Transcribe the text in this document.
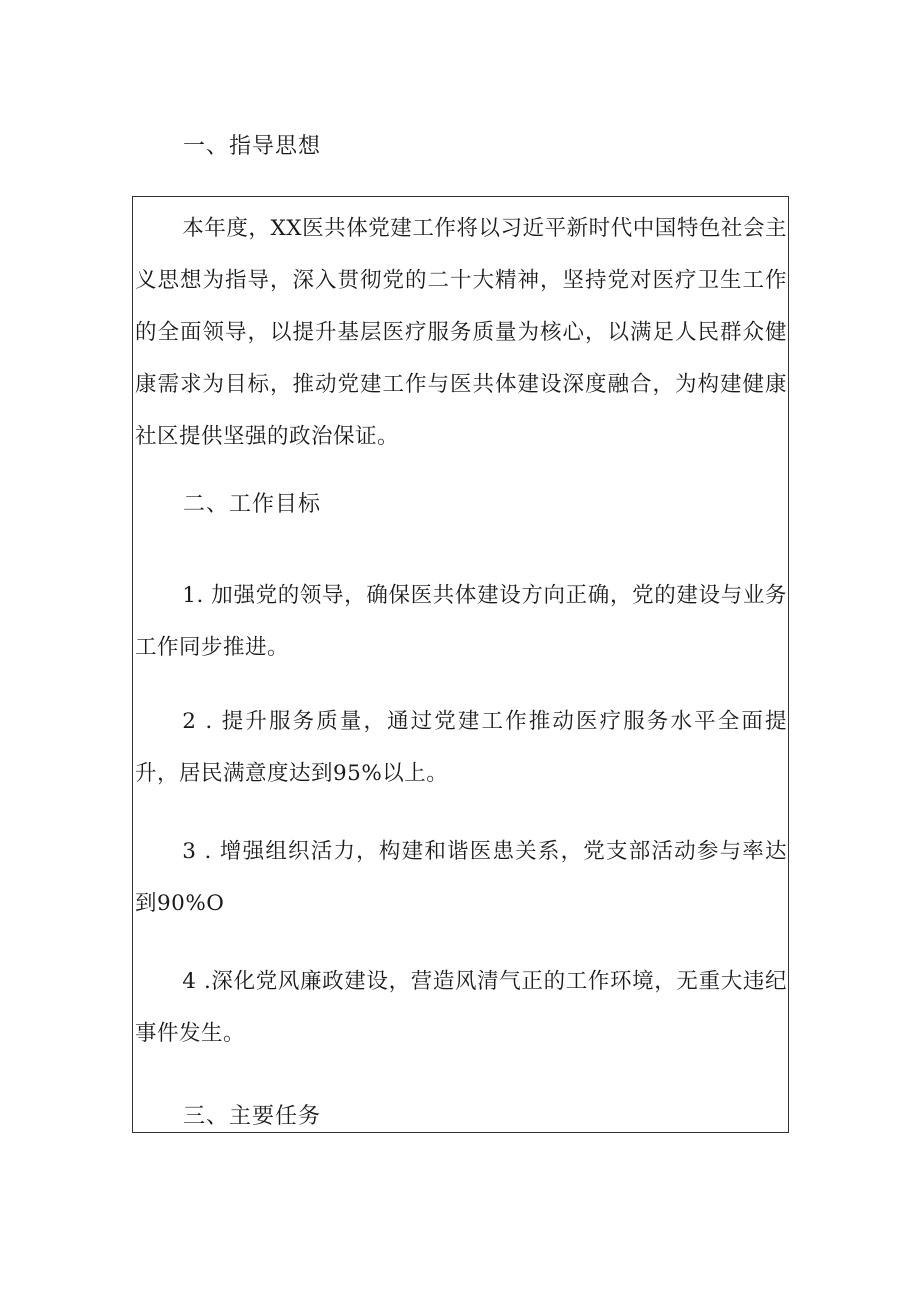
一、指导思想

本年度，XX医共体党建工作将以习近平新时代中国特色社会主义思想为指导，深入贯彻党的二十大精神，坚持党对医疗卫生工作的全面领导，以提升基层医疗服务质量为核心，以满足人民群众健康需求为目标，推动党建工作与医共体建设深度融合，为构建健康社区提供坚强的政治保证。

二、工作目标

1. 加强党的领导，确保医共体建设方向正确，党的建设与业务工作同步推进。

2 . 提升服务质量，通过党建工作推动医疗服务水平全面提升，居民满意度达到95%以上。

3 . 增强组织活力，构建和谐医患关系，党支部活动参与率达到90%O

4 .深化党风廉政建设，营造风清气正的工作环境，无重大违纪事件发生。

三、主要任务
